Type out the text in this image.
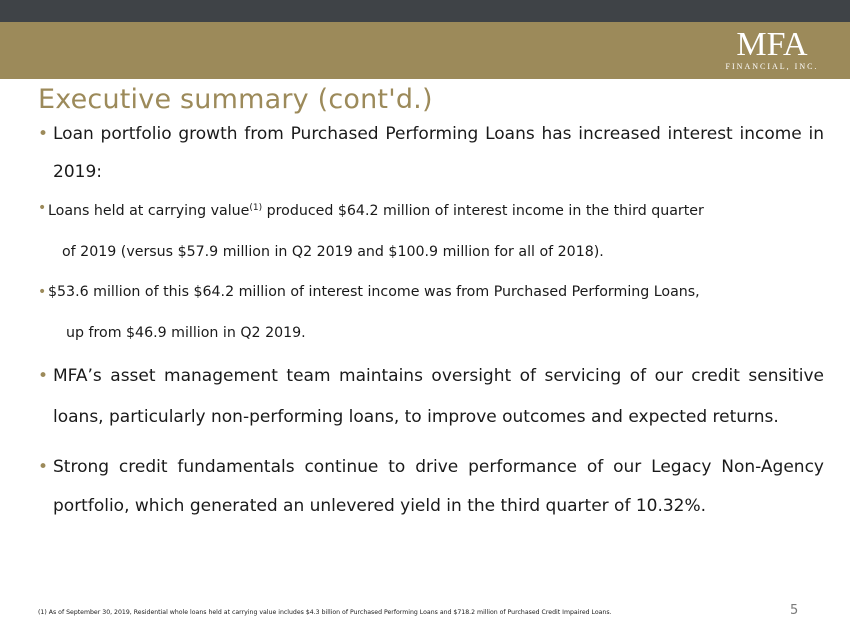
MFA
FINANCIAL, INC.
Executive summary (cont'd.)

• Loan portfolio growth from Purchased Performing Loans has increased interest income in 2019:

• Loans held at carrying value$^{(1)}$ produced $64.2 million of interest income in the third quarter
of 2019 (versus $57.9 million in Q2 2019 and $100.9 million for all of 2018).

• $53.6 million of this $64.2 million of interest income was from Purchased Performing Loans,
up from $46.9 million in Q2 2019.

• MFA’s asset management team maintains oversight of servicing of our credit sensitive loans, particularly non-performing loans, to improve outcomes and expected returns.

• Strong credit fundamentals continue to drive performance of our Legacy Non-Agency portfolio, which generated an unlevered yield in the third quarter of 10.32%.

(1) As of September 30, 2019, Residential whole loans held at carrying value includes $4.3 billion of Purchased Performing Loans and $718.2 million of Purchased Credit Impaired Loans.	5
